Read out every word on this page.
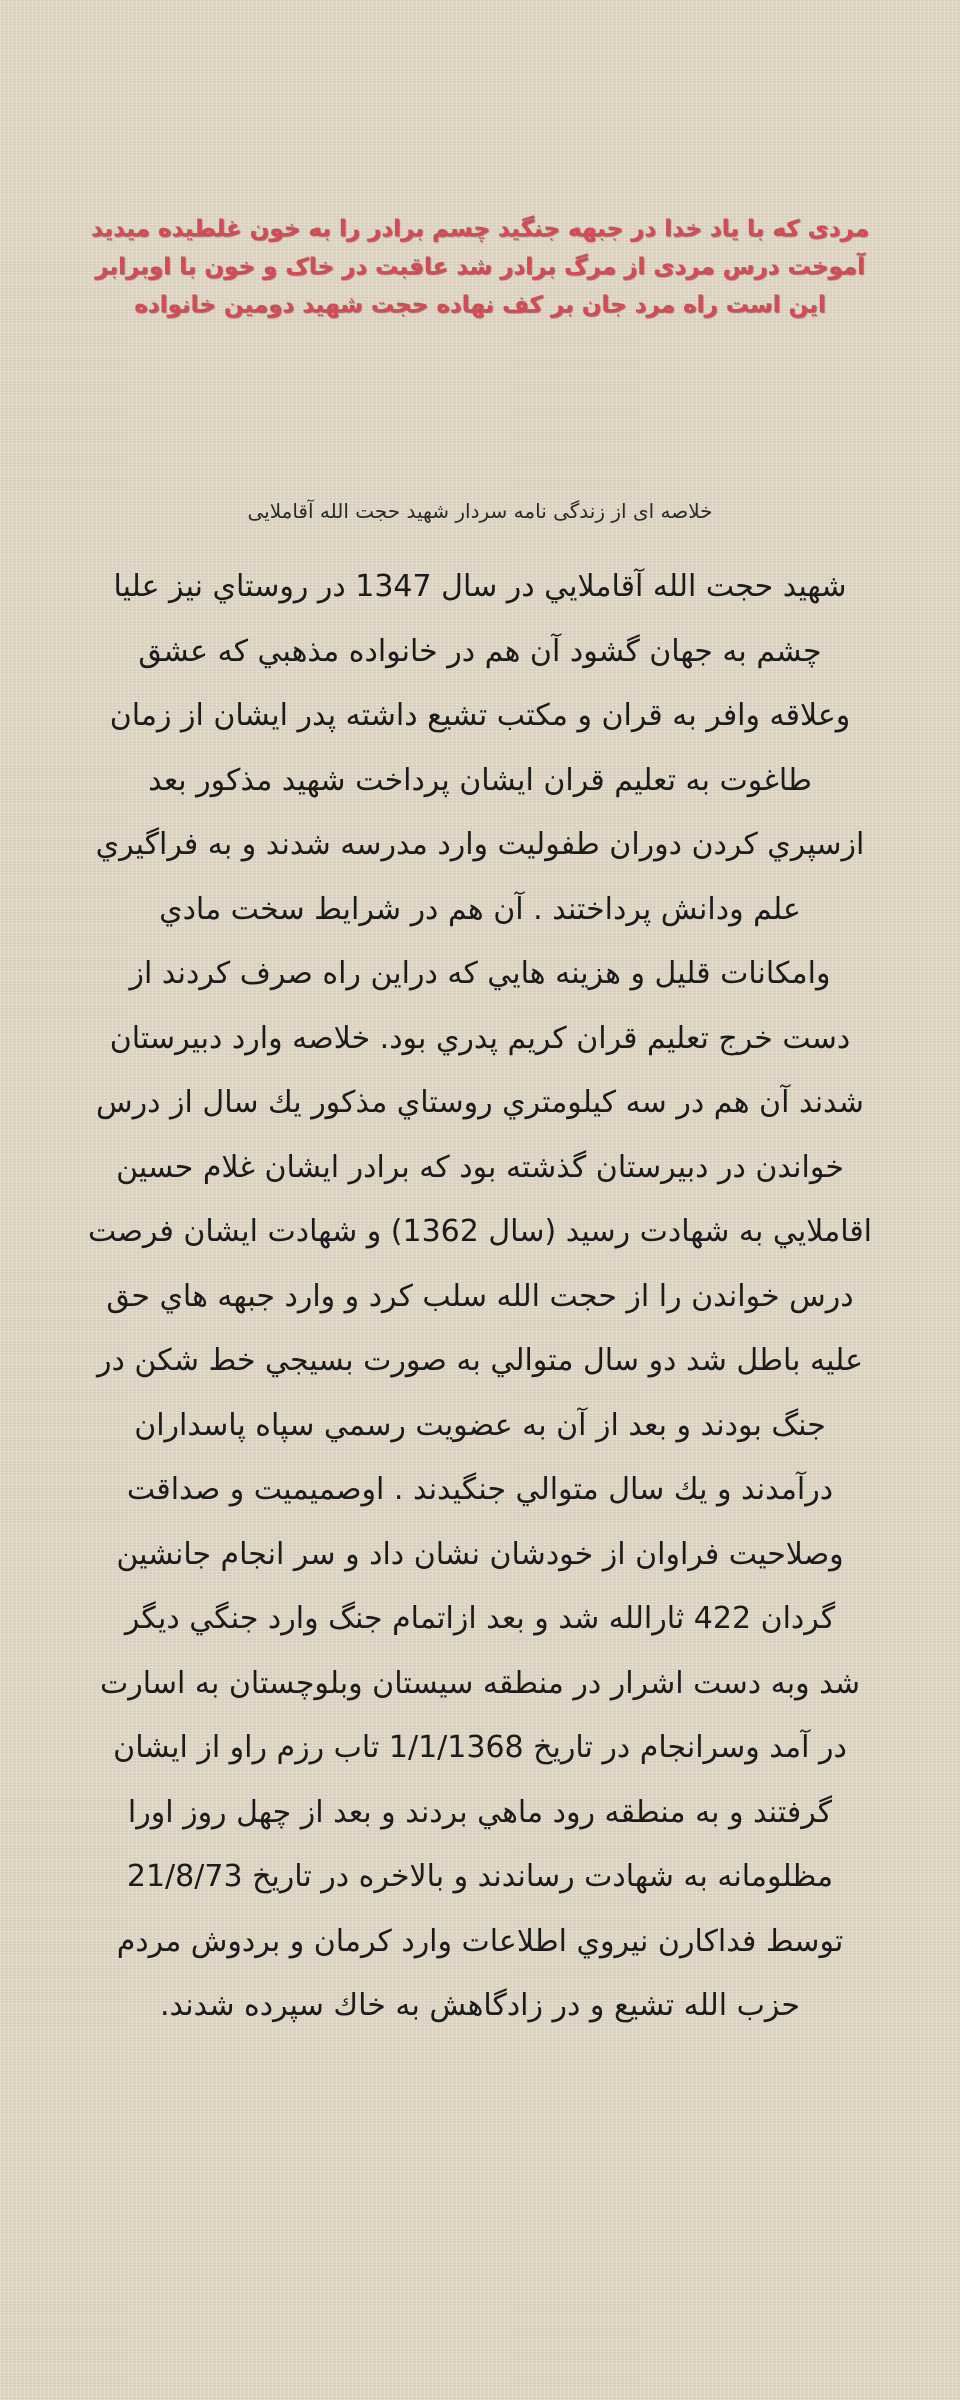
مردی که با یاد خدا در جبهه جنگید چسم برادر را به خون غلطیده میدید
آموخت درس مردی از مرگ برادر شد عاقبت در خاک و خون با اوبرابر
این است راه مرد جان بر کف نهاده حجت شهید دومین خانواده
خلاصه ای از زندگی نامه سردار شهید حجت الله آقاملایی
شهيد حجت الله آقاملايي در سال 1347 در روستاي نيز عليا
چشم به جهان گشود آن هم در خانواده مذهبي كه عشق
وعلاقه وافر به قران و مكتب تشيع داشته پدر ايشان از زمان
طاغوت به تعليم قران ايشان پرداخت شهيد مذكور بعد
ازسپري كردن دوران طفوليت وارد مدرسه شدند و به فراگيري
علم ودانش پرداختند . آن هم در شرايط سخت مادي
وامكانات قليل و هزينه هايي كه دراين راه صرف كردند از
دست خرج تعليم قران كريم پدري بود. خلاصه وارد دبيرستان
شدند آن هم در سه كيلومتري روستاي مذكور يك سال از درس
خواندن در دبيرستان گذشته بود كه برادر ايشان غلام حسين
اقاملايي به شهادت رسيد (سال 1362) و شهادت ايشان فرصت
درس خواندن را از حجت الله سلب كرد و وارد جبهه هاي حق
عليه باطل شد دو سال متوالي به صورت بسيجي خط شكن در
جنگ بودند و بعد از آن به عضويت رسمي سپاه پاسداران
درآمدند و يك سال متوالي جنگيدند . اوصميميت و صداقت
وصلاحيت فراوان از خودشان نشان داد و سر انجام جانشين
گردان 422 ثارالله شد و بعد ازاتمام جنگ وارد جنگي ديگر
شد وبه دست اشرار در منطقه سيستان وبلوچستان به اسارت
در آمد وسرانجام در تاريخ 1/1/1368 تاب رزم راو از ايشان
گرفتند و به منطقه رود ماهي بردند و بعد از چهل روز اورا
مظلومانه به شهادت رساندند و بالاخره در تاريخ 21/8/73
توسط فداكارن نيروي اطلاعات وارد كرمان و بردوش مردم
حزب الله تشيع و در زادگاهش به خاك سپرده شدند.
